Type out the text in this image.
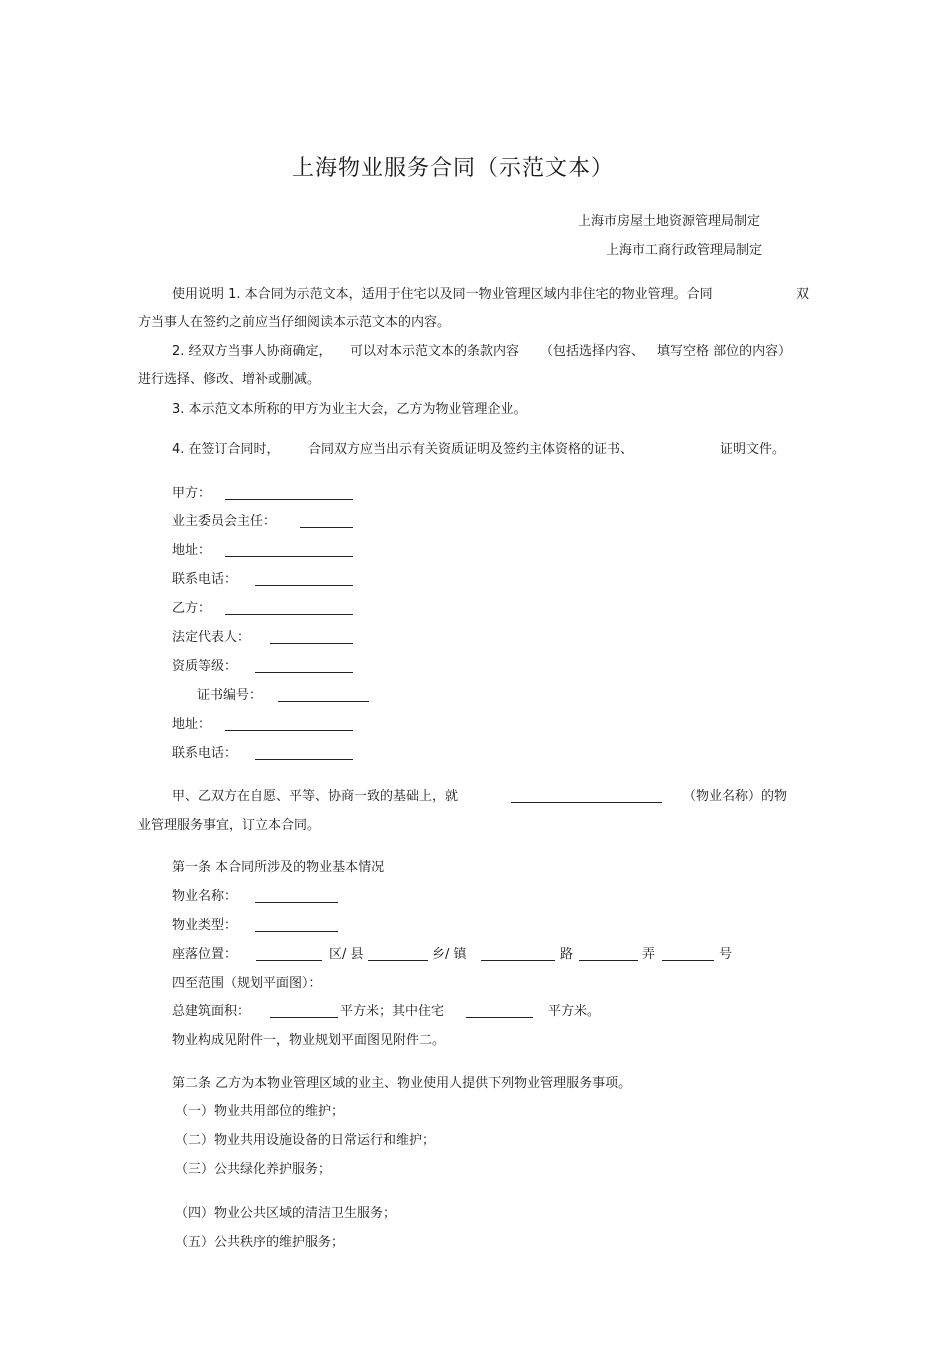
上海物业服务合同（示范文本）
上海市房屋土地资源管理局制定
上海市工商行政管理局制定
使用说明 1. 本合同为示范文本，适用于住宅以及同一物业管理区域内非住宅的物业管理。合同	双
方当事人在签约之前应当仔细阅读本示范文本的内容。
2. 经双方当事人协商确定， 可以对本示范文本的条款内容 （包括选择内容、 填写空格 部位的内容）
进行选择、修改、增补或删减。
3. 本示范文本所称的甲方为业主大会，乙方为物业管理企业。
4. 在签订合同时， 合同双方应当出示有关资质证明及签约主体资格的证书、	证明文件。
甲方：
业主委员会主任：
地址：
联系电话：
乙方：
法定代表人：
资质等级：
证书编号：
地址：
联系电话：
甲、乙双方在自愿、平等、协商一致的基础上，就	（物业名称）的物
业管理服务事宜，订立本合同。
第一条 本合同所涉及的物业基本情况
物业名称：
物业类型：
座落位置：	区/ 县	乡/ 镇	路	弄	号
四至范围（规划平面图）：
总建筑面积：	平方米；其中住宅	平方米。
物业构成见附件一，物业规划平面图见附件二。
第二条 乙方为本物业管理区域的业主、物业使用人提供下列物业管理服务事项。
（一）物业共用部位的维护；
（二）物业共用设施设备的日常运行和维护；
（三）公共绿化养护服务；
（四）物业公共区域的清洁卫生服务；
（五）公共秩序的维护服务；
